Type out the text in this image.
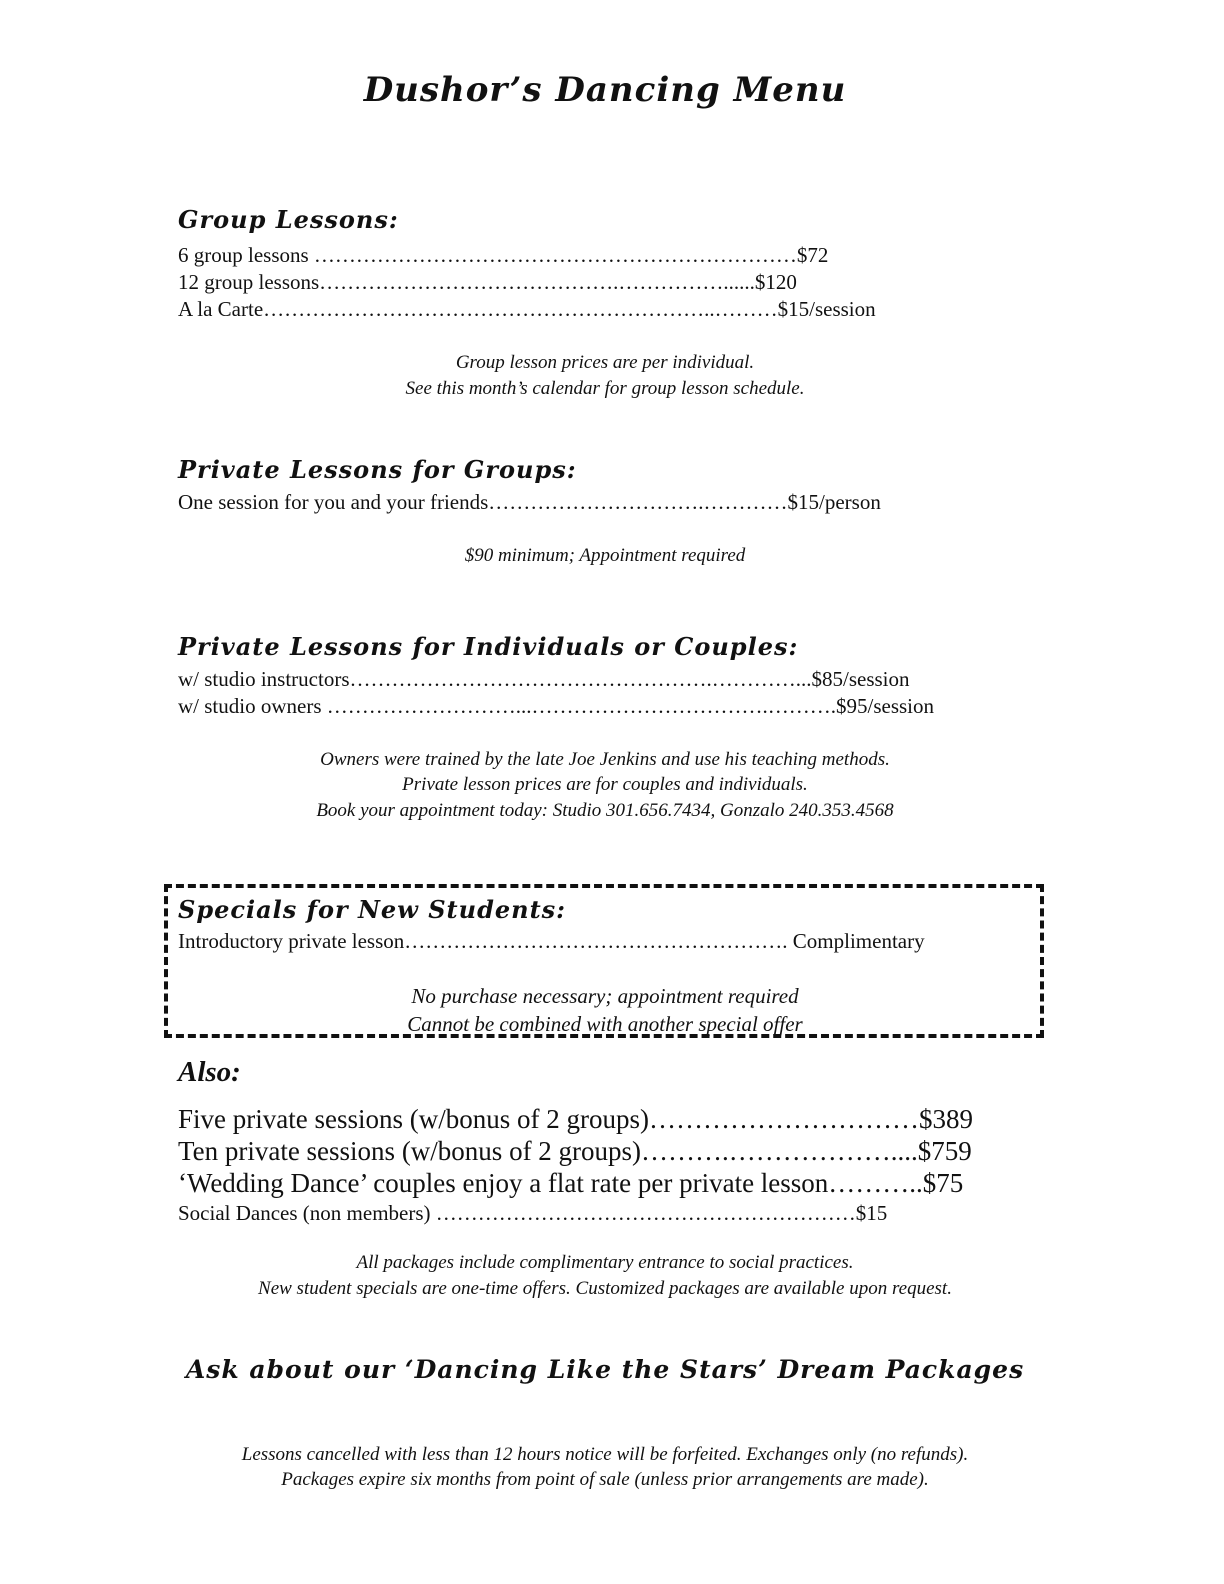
Dushor’s Dancing Menu
Group Lessons:
6 group lessons ……………………………………………………………$72
12 group lessons…………………………………….……………......$120
A la Carte………………………………………………………..………$15/session
Group lesson prices are per individual.
See this month’s calendar for group lesson schedule.
Private Lessons for Groups:
One session for you and your friends………………………….…………$15/person
$90 minimum; Appointment required
Private Lessons for Individuals or Couples:
w/ studio instructors…………………………………………….…………...$85/session
w/ studio owners ………………………...…………………………….……….$95/session
Owners were trained by the late Joe Jenkins and use his teaching methods.
Private lesson prices are for couples and individuals.
Book your appointment today: Studio 301.656.7434, Gonzalo 240.353.4568
Specials for New Students:
Introductory private lesson………………………………………………. Complimentary
No purchase necessary; appointment required
Cannot be combined with another special offer
Also:
Five private sessions (w/bonus of 2 groups)…………………………$389
Ten private sessions (w/bonus of 2 groups)……….………………....$759
‘Wedding Dance’ couples enjoy a flat rate per private lesson………..$75
Social Dances (non members) ……………………………………………………$15
All packages include complimentary entrance to social practices.
New student specials are one-time offers. Customized packages are available upon request.
Ask about our ‘Dancing Like the Stars’ Dream Packages
Lessons cancelled with less than 12 hours notice will be forfeited. Exchanges only (no refunds).
Packages expire six months from point of sale (unless prior arrangements are made).
